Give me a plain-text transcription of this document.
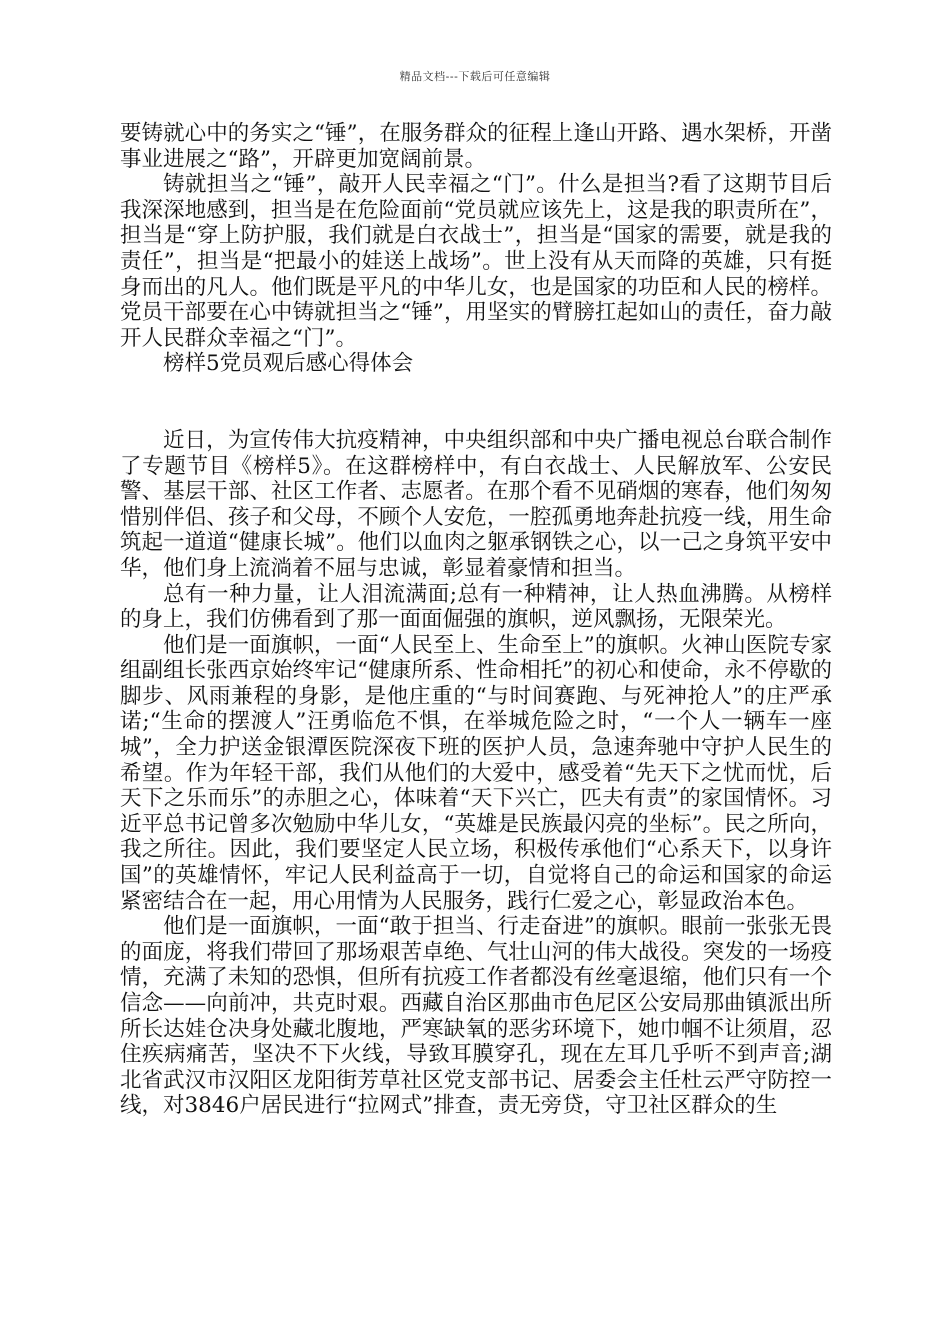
精品文档---下载后可任意编辑

要铸就心中的务实之“锤”，在服务群众的征程上逢山开路、遇水架桥，开凿事业进展之“路”，开辟更加宽阔前景。

铸就担当之“锤”，敲开人民幸福之“门”。什么是担当?看了这期节目后我深深地感到，担当是在危险面前“党员就应该先上，这是我的职责所在”，担当是“穿上防护服，我们就是白衣战士”，担当是“国家的需要，就是我的责任”，担当是“把最小的娃送上战场”。世上没有从天而降的英雄，只有挺身而出的凡人。他们既是平凡的中华儿女，也是国家的功臣和人民的榜样。党员干部要在心中铸就担当之“锤”，用坚实的臂膀扛起如山的责任，奋力敲开人民群众幸福之“门”。

榜样5党员观后感心得体会

近日，为宣传伟大抗疫精神，中央组织部和中央广播电视总台联合制作了专题节目《榜样5》。在这群榜样中，有白衣战士、人民解放军、公安民警、基层干部、社区工作者、志愿者。在那个看不见硝烟的寒春，他们匆匆惜别伴侣、孩子和父母，不顾个人安危，一腔孤勇地奔赴抗疫一线，用生命筑起一道道“健康长城”。他们以血肉之躯承钢铁之心，以一己之身筑平安中华，他们身上流淌着不屈与忠诚，彰显着豪情和担当。

总有一种力量，让人泪流满面;总有一种精神，让人热血沸腾。从榜样的身上，我们仿佛看到了那一面面倔强的旗帜，逆风飘扬，无限荣光。

他们是一面旗帜，一面“人民至上、生命至上”的旗帜。火神山医院专家组副组长张西京始终牢记“健康所系、性命相托”的初心和使命，永不停歇的脚步、风雨兼程的身影，是他庄重的“与时间赛跑、与死神抢人”的庄严承诺;“生命的摆渡人”汪勇临危不惧，在举城危险之时，“一个人一辆车一座城”，全力护送金银潭医院深夜下班的医护人员，急速奔驰中守护人民生的希望。作为年轻干部，我们从他们的大爱中，感受着“先天下之忧而忧，后天下之乐而乐”的赤胆之心，体味着“天下兴亡，匹夫有责”的家国情怀。习近平总书记曾多次勉励中华儿女，“英雄是民族最闪亮的坐标”。民之所向，我之所往。因此，我们要坚定人民立场，积极传承他们“心系天下，以身许国”的英雄情怀，牢记人民利益高于一切，自觉将自己的命运和国家的命运紧密结合在一起，用心用情为人民服务，践行仁爱之心，彰显政治本色。

他们是一面旗帜，一面“敢于担当、行走奋进”的旗帜。眼前一张张无畏的面庞，将我们带回了那场艰苦卓绝、气壮山河的伟大战役。突发的一场疫情，充满了未知的恐惧，但所有抗疫工作者都没有丝毫退缩，他们只有一个信念——向前冲，共克时艰。西藏自治区那曲市色尼区公安局那曲镇派出所所长达娃仓决身处藏北腹地，严寒缺氧的恶劣环境下，她巾帼不让须眉，忍住疾病痛苦，坚决不下火线，导致耳膜穿孔，现在左耳几乎听不到声音;湖北省武汉市汉阳区龙阳街芳草社区党支部书记、居委会主任杜云严守防控一线，对3846户居民进行“拉网式”排查，责无旁贷，守卫社区群众的生
